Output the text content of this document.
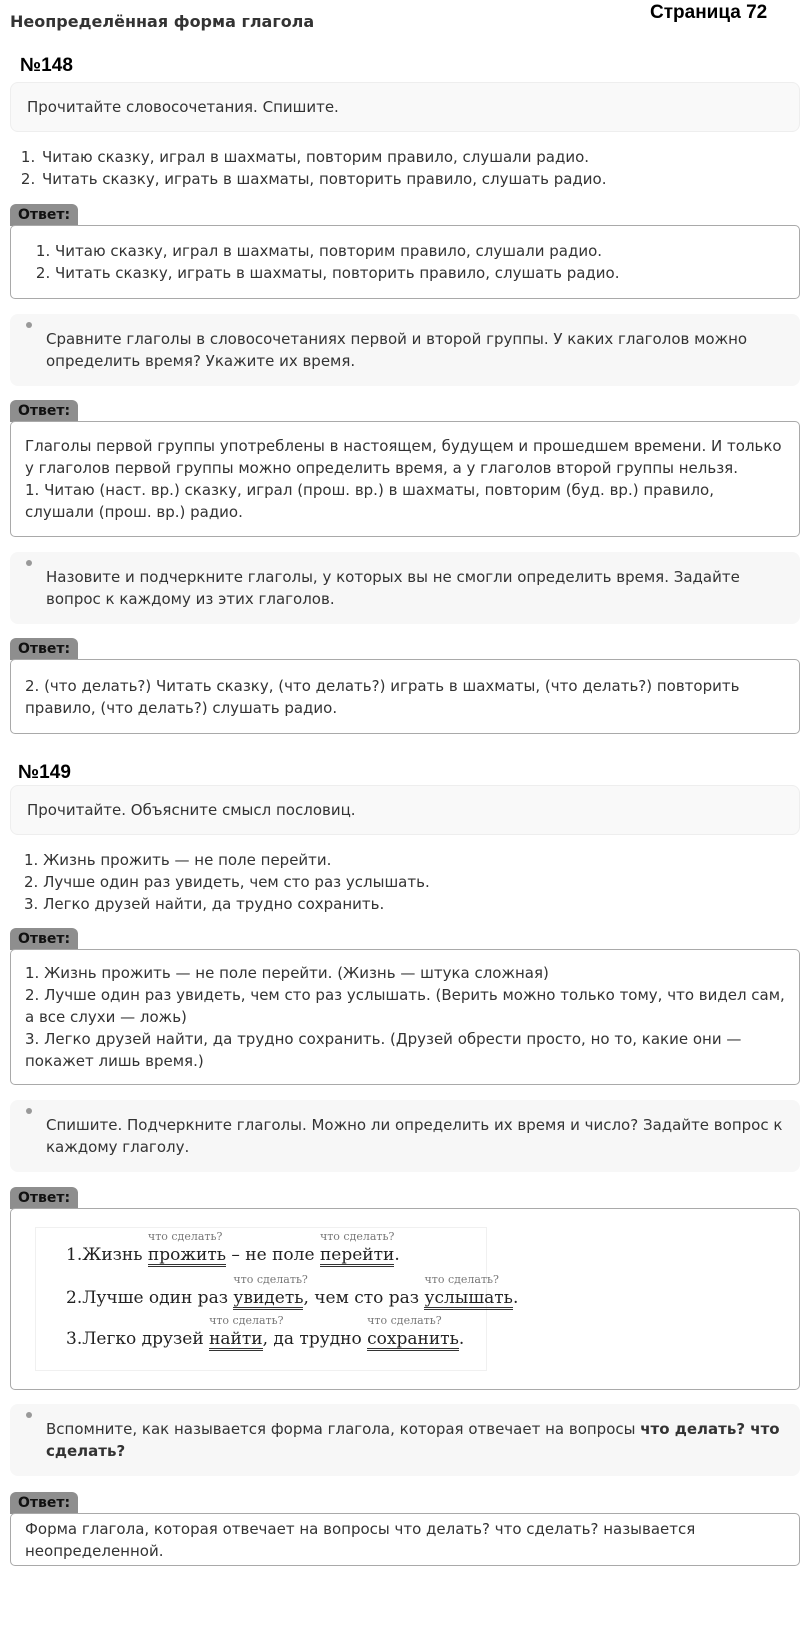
Неопределённая форма глагола	Страница 72
№148
Прочитайте словосочетания. Спишите.
1. Читаю сказку, играл в шахматы, повторим правило, слушали радио.
2. Читать сказку, играть в шахматы, повторить правило, слушать радио.
Ответ:
1. Читаю сказку, играл в шахматы, повторим правило, слушали радио.
2. Читать сказку, играть в шахматы, повторить правило, слушать радио.
Сравните глаголы в словосочетаниях первой и второй группы. У каких глаголов можно определить время? Укажите их время.
Ответ:

Глаголы первой группы употреблены в настоящем, будущем и прошедшем времени. И только у глаголов первой группы можно определить время, а у глаголов второй группы нельзя.

1. Читаю (наст. вр.) сказку, играл (прош. вр.) в шахматы, повторим (буд. вр.) правило, слушали (прош. вр.) радио.

Назовите и подчеркните глаголы, у которых вы не смогли определить время. Задайте вопрос к каждому из этих глаголов.
Ответ:

2. (что делать?) Читать сказку, (что делать?) играть в шахматы, (что делать?) повторить правило, (что делать?) слушать радио.

№149
Прочитайте. Объясните смысл пословиц.
1. Жизнь прожить — не поле перейти.
2. Лучше один раз увидеть, чем сто раз услышать.
3. Легко друзей найти, да трудно сохранить.
Ответ:

1. Жизнь прожить — не поле перейти. (Жизнь — штука сложная)

2. Лучше один раз увидеть, чем сто раз услышать. (Верить можно только тому, что видел сам, а все слухи — ложь)

3. Легко друзей найти, да трудно сохранить. (Друзей обрести просто, но то, какие они — покажет лишь время.)

Спишите. Подчеркните глаголы. Можно ли определить их время и число? Задайте вопрос к каждому глаголу.
Ответ:
1.Жизнь
что сделать?
прожить – не поле
что сделать?
перейти.
2.Лучше один раз
что сделать?
увидеть, чем сто раз
что сделать?
услышать.
3.Легко друзей
что сделать?
найти, да трудно
что сделать?
сохранить.
Вспомните, как называется форма глагола, которая отвечает на вопросы что делать? что сделать?
Ответ:

Форма глагола, которая отвечает на вопросы что делать? что сделать? называется неопределенной.
